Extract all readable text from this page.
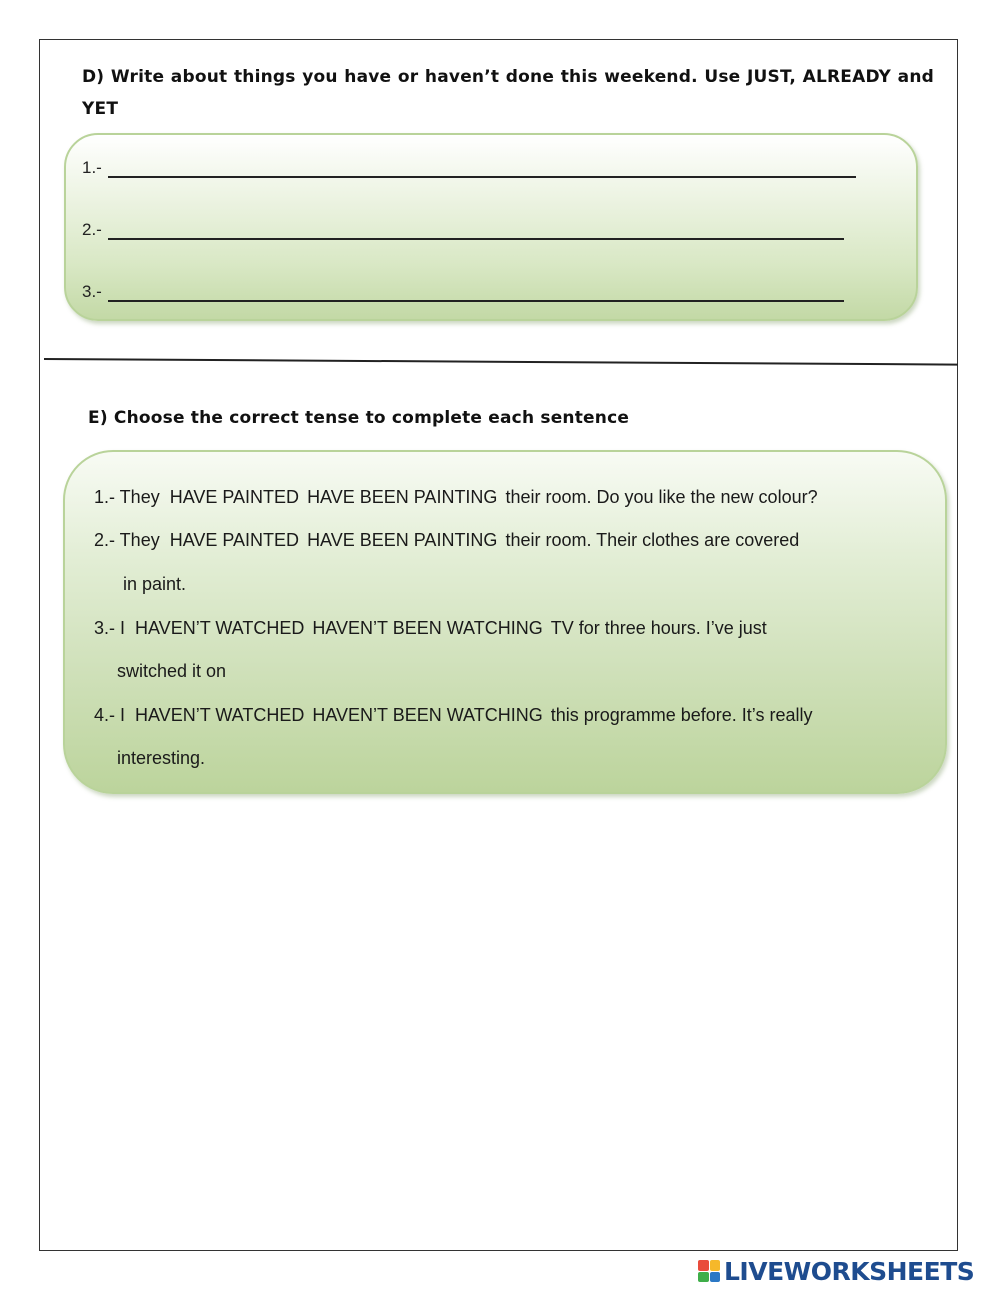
D) Write about things you have or haven’t done this weekend. Use JUST, ALREADY and YET
1.-
2.-
3.-
E) Choose the correct tense to complete each sentence
1.- They HAVE PAINTED HAVE BEEN PAINTING their room. Do you like the new colour?
2.- They HAVE PAINTED HAVE BEEN PAINTING their room. Their clothes are covered
in paint.
3.- I HAVEN’T WATCHED HAVEN’T BEEN WATCHING TV for three hours. I’ve just
switched it on
4.- I HAVEN’T WATCHED HAVEN’T BEEN WATCHING this programme before. It’s really
interesting.
LIVEWORKSHEETS
